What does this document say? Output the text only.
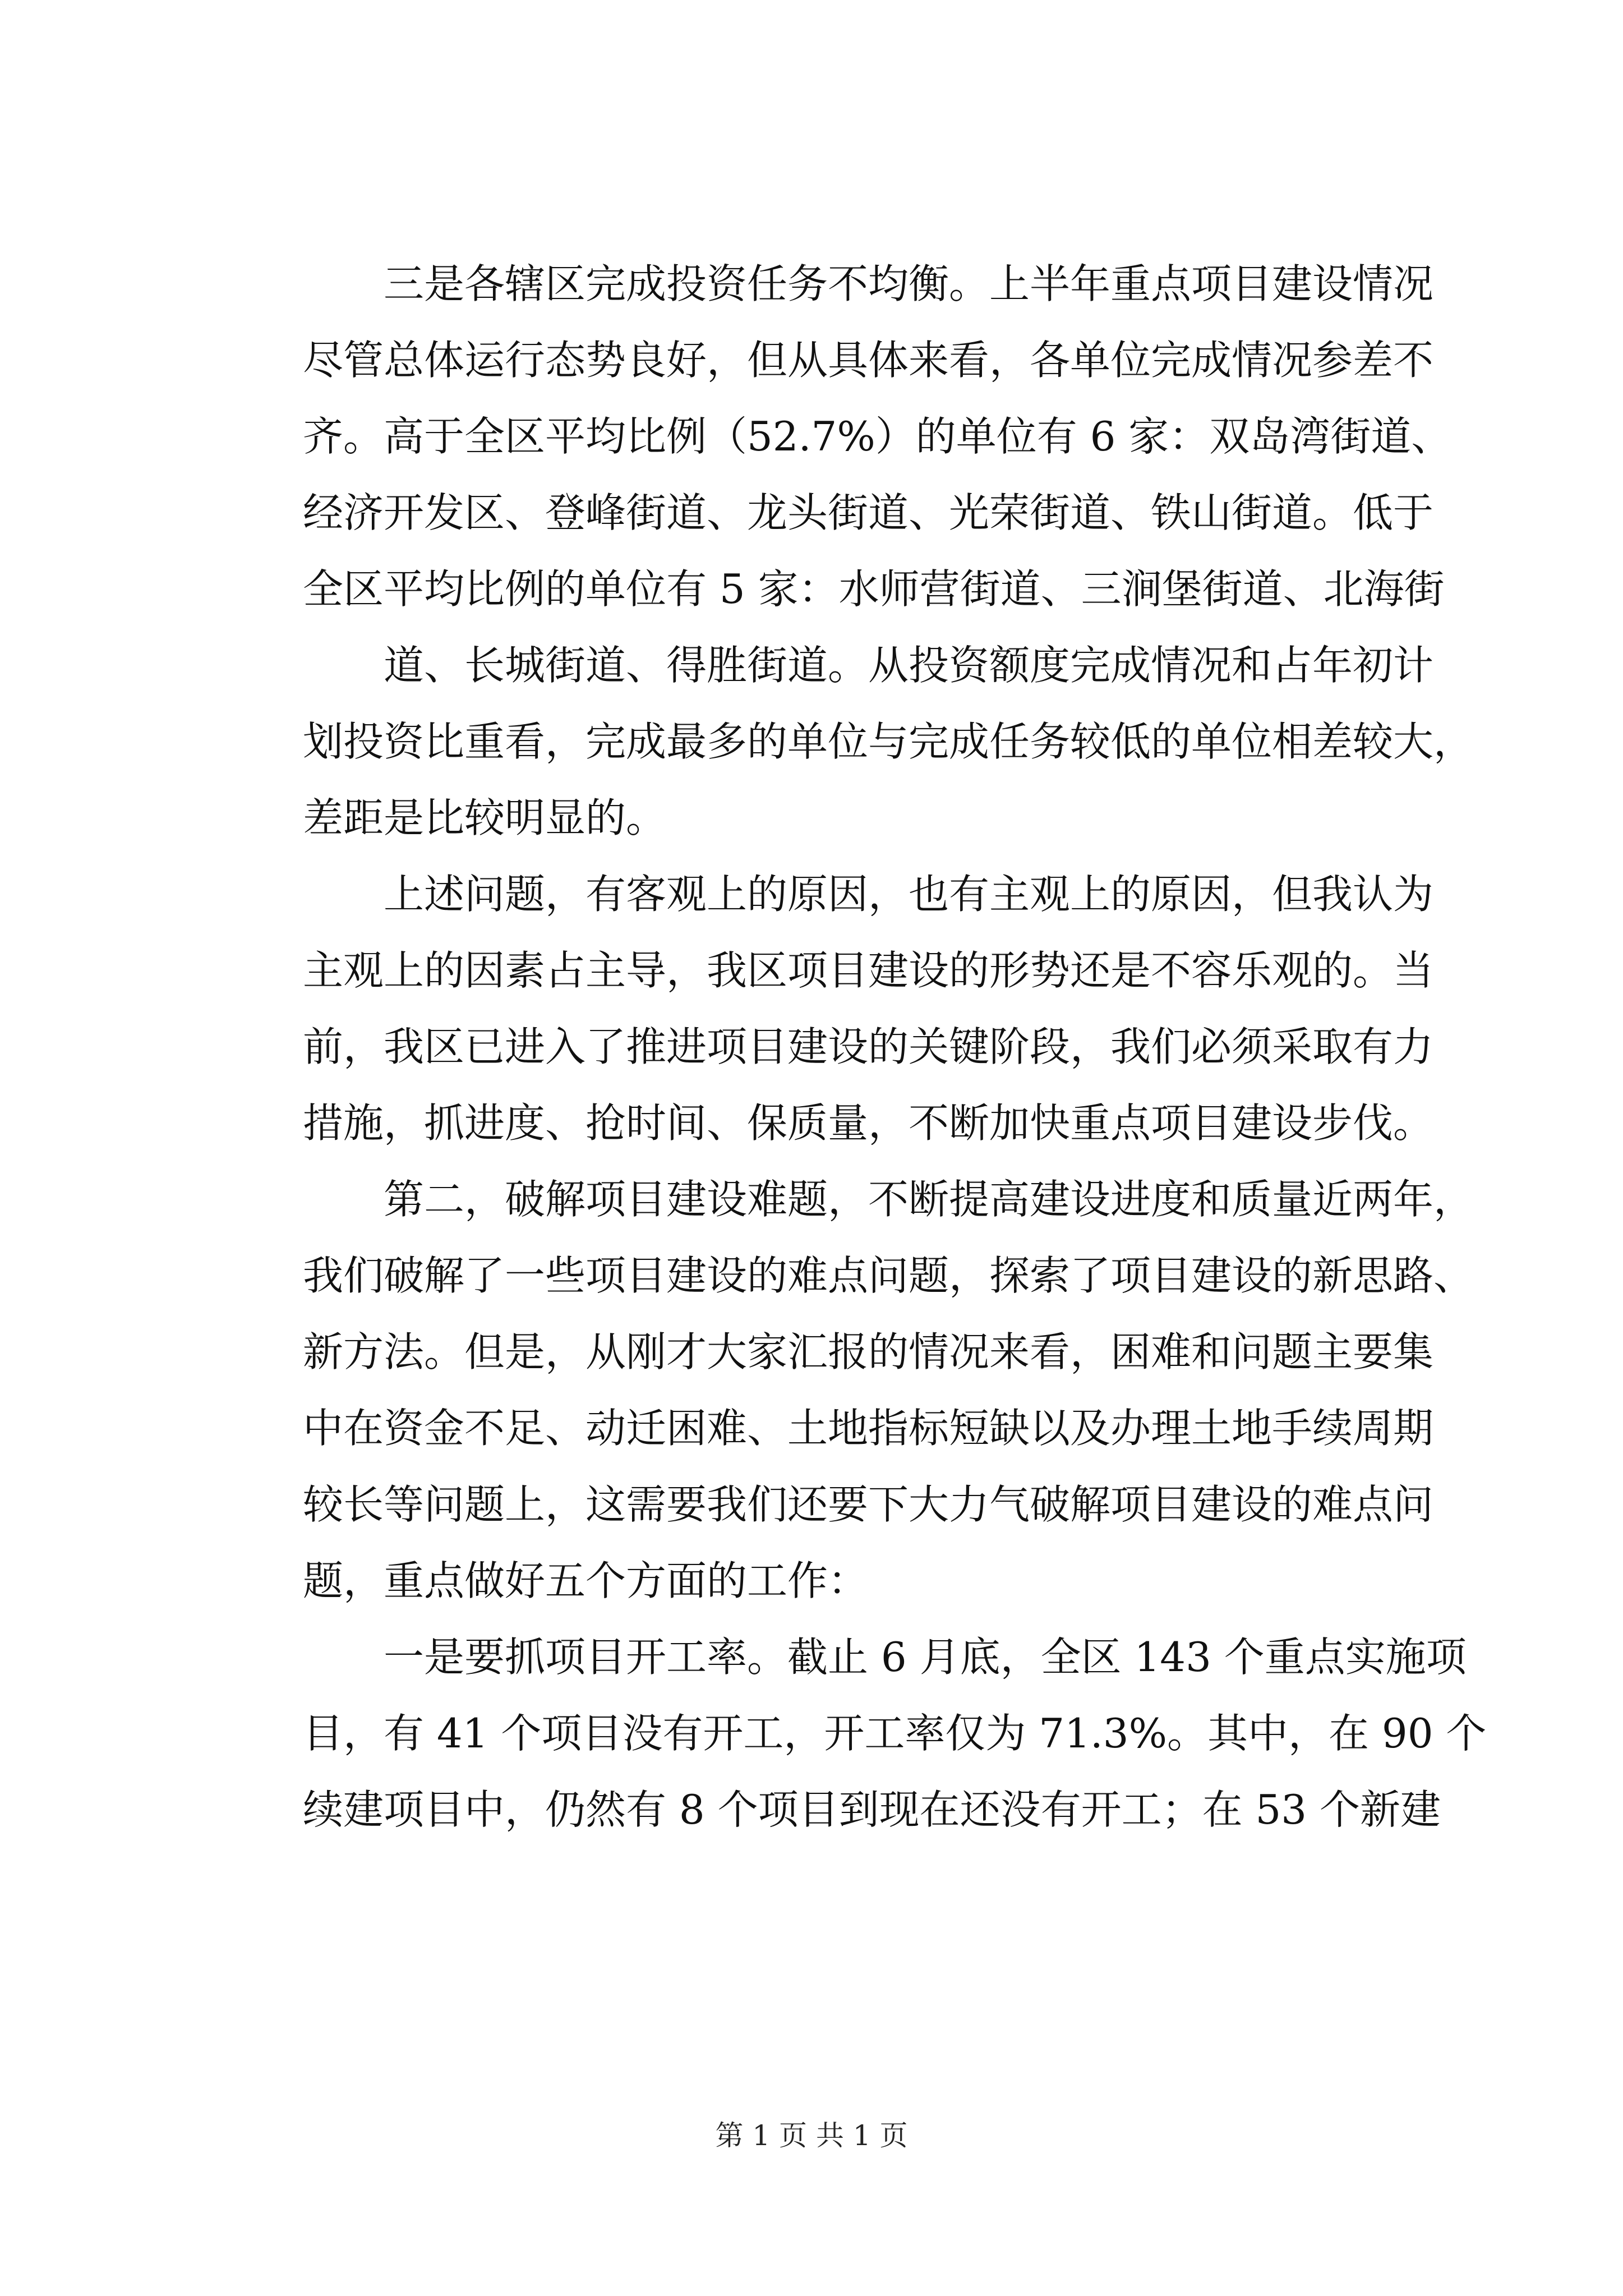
三是各辖区完成投资任务不均衡。上半年重点项目建设情况
尽管总体运行态势良好，但从具体来看，各单位完成情况参差不
齐。高于全区平均比例（52.7%）的单位有 6 家：双岛湾街道、
经济开发区、登峰街道、龙头街道、光荣街道、铁山街道。低于
全区平均比例的单位有 5 家：水师营街道、三涧堡街道、北海街
道、长城街道、得胜街道。从投资额度完成情况和占年初计
划投资比重看，完成最多的单位与完成任务较低的单位相差较大，
差距是比较明显的。

上述问题，有客观上的原因，也有主观上的原因，但我认为
主观上的因素占主导，我区项目建设的形势还是不容乐观的。当
前，我区已进入了推进项目建设的关键阶段，我们必须采取有力
措施，抓进度、抢时间、保质量，不断加快重点项目建设步伐。

第二，破解项目建设难题，不断提高建设进度和质量近两年，
我们破解了一些项目建设的难点问题，探索了项目建设的新思路、
新方法。但是，从刚才大家汇报的情况来看，困难和问题主要集
中在资金不足、动迁困难、土地指标短缺以及办理土地手续周期
较长等问题上，这需要我们还要下大力气破解项目建设的难点问
题，重点做好五个方面的工作：

一是要抓项目开工率。截止 6 月底，全区 143 个重点实施项
目，有 41 个项目没有开工，开工率仅为 71.3%。其中，在 90 个
续建项目中，仍然有 8 个项目到现在还没有开工；在 53 个新建

第 1 页 共 1 页
